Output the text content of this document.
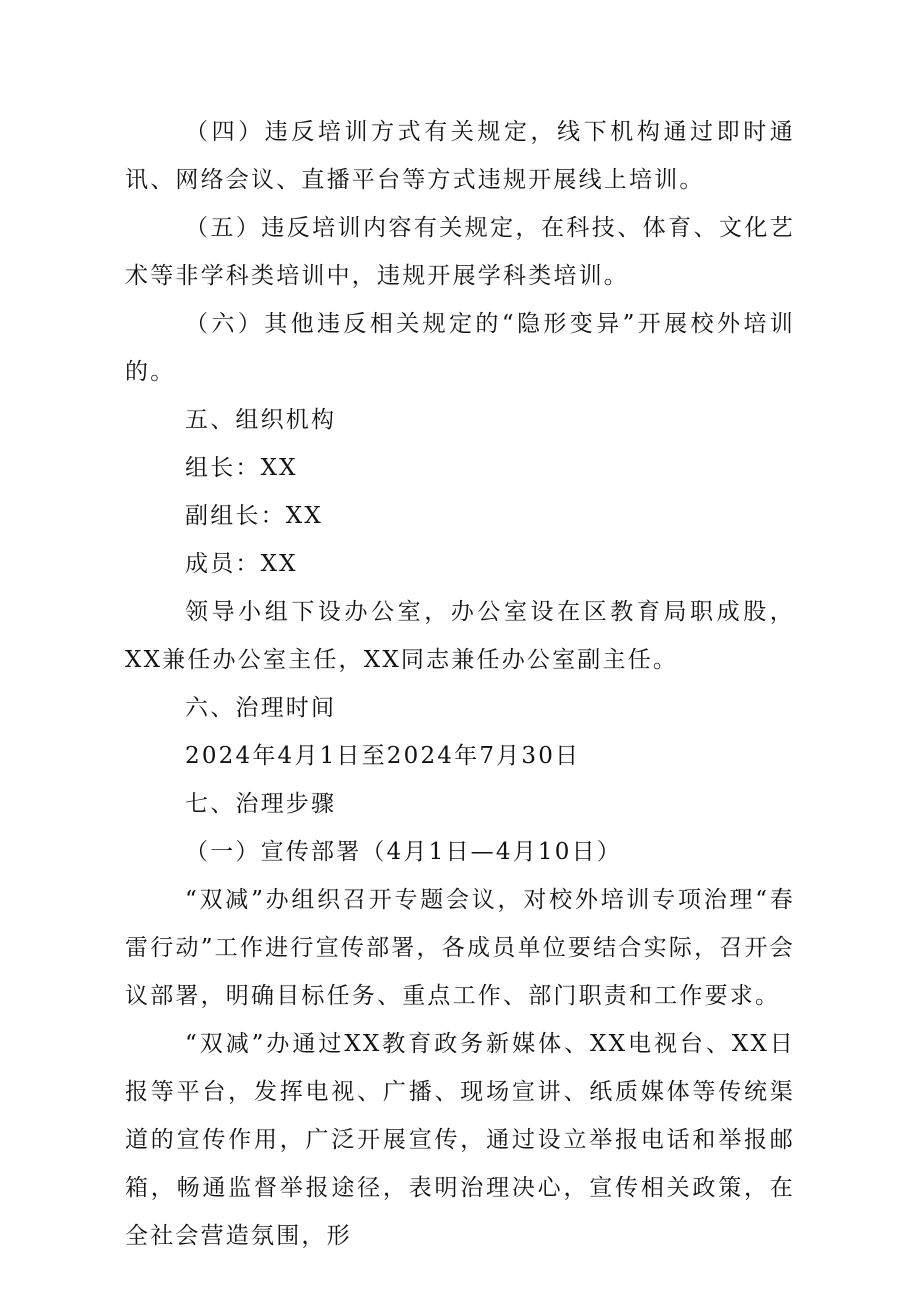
（四）违反培训方式有关规定，线下机构通过即时通讯、网络会议、直播平台等方式违规开展线上培训。

（五）违反培训内容有关规定，在科技、体育、文化艺术等非学科类培训中，违规开展学科类培训。

（六）其他违反相关规定的“隐形变异”开展校外培训的。

五、组织机构

组长：XX

副组长：XX

成员：XX

领导小组下设办公室，办公室设在区教育局职成股，XX兼任办公室主任，XX同志兼任办公室副主任。

六、治理时间

2024年4月1日至2024年7月30日

七、治理步骤

（一）宣传部署（4月1日—4月10日）

“双减”办组织召开专题会议，对校外培训专项治理“春雷行动”工作进行宣传部署，各成员单位要结合实际，召开会议部署，明确目标任务、重点工作、部门职责和工作要求。

“双减”办通过XX教育政务新媒体、XX电视台、XX日报等平台，发挥电视、广播、现场宣讲、纸质媒体等传统渠道的宣传作用，广泛开展宣传，通过设立举报电话和举报邮箱，畅通监督举报途径，表明治理决心，宣传相关政策，在全社会营造氛围，形
